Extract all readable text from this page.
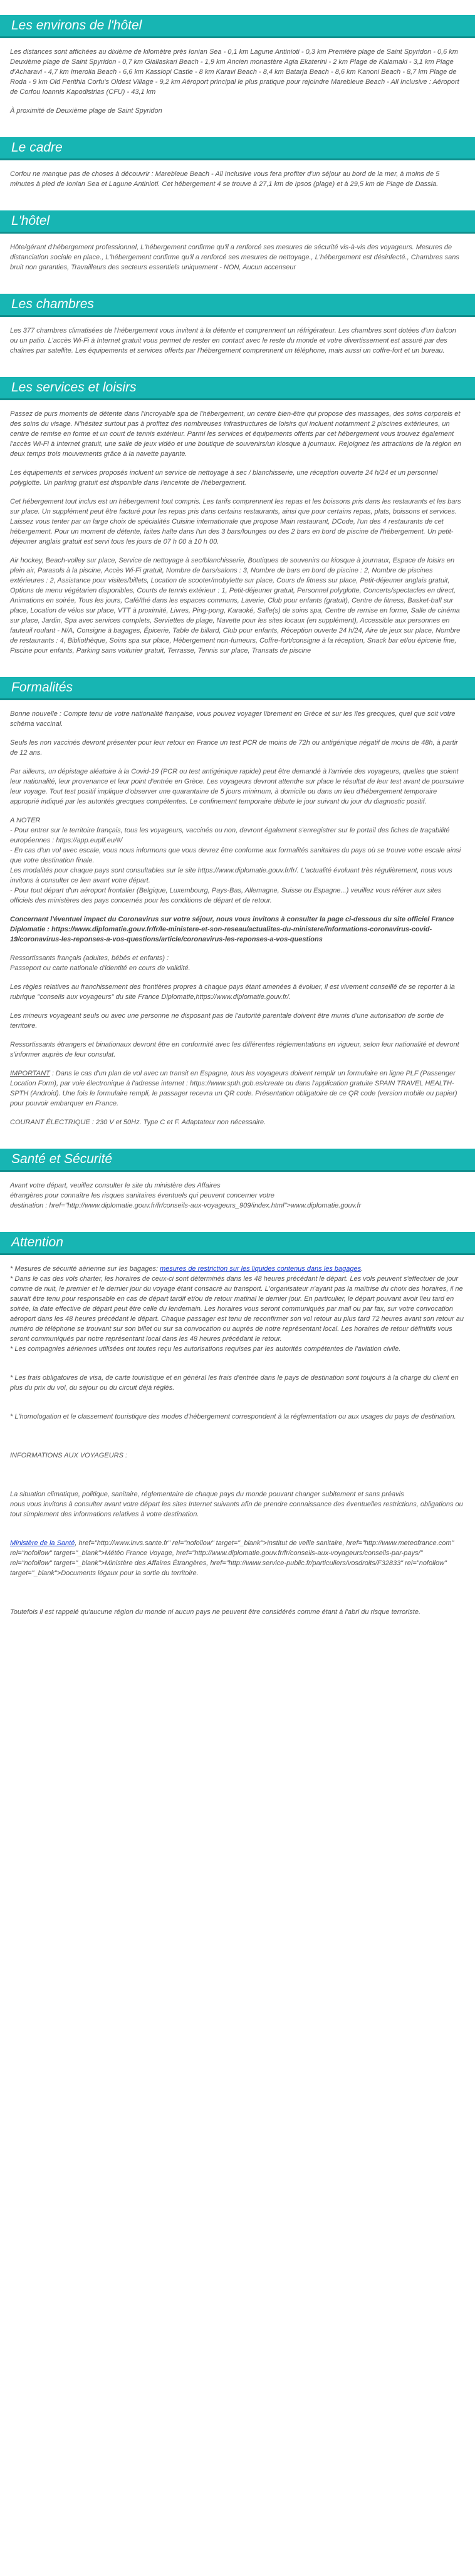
Les environs de l'hôtel

Les distances sont affichées au dixième de kilomètre près Ionian Sea - 0,1 km Lagune Antinioti - 0,3 km Première plage de Saint Spyridon - 0,6 km Deuxième plage de Saint Spyridon - 0,7 km Giallaskari Beach - 1,9 km Ancien monastère Agia Ekaterini - 2 km Plage de Kalamaki - 3,1 km Plage d'Acharavi - 4,7 km Imerolia Beach - 6,6 km Kassiopi Castle - 8 km Karavi Beach - 8,4 km Batarja Beach - 8,6 km Kanoni Beach - 8,7 km Plage de Roda - 9 km Old Perithia Corfu's Oldest Village - 9,2 km Aéroport principal le plus pratique pour rejoindre Marebleue Beach - All Inclusive : Aéroport de Corfou Ioannis Kapodistrias (CFU) - 43,1 km

À proximité de Deuxième plage de Saint Spyridon

Le cadre

Corfou ne manque pas de choses à découvrir : Marebleue Beach - All Inclusive vous fera profiter d'un séjour au bord de la mer, à moins de 5 minutes à pied de Ionian Sea et Lagune Antinioti. Cet hébergement 4 se trouve à 27,1 km de Ipsos (plage) et à 29,5 km de Plage de Dassia.

L'hôtel

Hôte/gérant d'hébergement professionnel, L'hébergement confirme qu'il a renforcé ses mesures de sécurité vis-à-vis des voyageurs. Mesures de distanciation sociale en place., L'hébergement confirme qu'il a renforcé ses mesures de nettoyage., L'hébergement est désinfecté., Chambres sans bruit non garanties, Travailleurs des secteurs essentiels uniquement - NON, Aucun accenseur

Les chambres

Les 377 chambres climatisées de l'hébergement vous invitent à la détente et comprennent un réfrigérateur. Les chambres sont dotées d'un balcon ou un patio. L'accès Wi-Fi à Internet gratuit vous permet de rester en contact avec le reste du monde et votre divertissement est assuré par des chaînes par satellite. Les équipements et services offerts par l'hébergement comprennent un téléphone, mais aussi un coffre-fort et un bureau.

Les services et loisirs

Passez de purs moments de détente dans l'incroyable spa de l'hébergement, un centre bien-être qui propose des massages, des soins corporels et des soins du visage. N'hésitez surtout pas à profitez des nombreuses infrastructures de loisirs qui incluent notamment 2 piscines extérieures, un centre de remise en forme et un court de tennis extérieur. Parmi les services et équipements offerts par cet hébergement vous trouvez également l'accès Wi-Fi à Internet gratuit, une salle de jeux vidéo et une boutique de souvenirs/un kiosque à journaux. Rejoignez les attractions de la région en deux temps trois mouvements grâce à la navette payante.

Les équipements et services proposés incluent un service de nettoyage à sec / blanchisserie, une réception ouverte 24 h/24 et un personnel polyglotte. Un parking gratuit est disponible dans l'enceinte de l'hébergement.

Cet hébergement tout inclus est un hébergement tout compris. Les tarifs comprennent les repas et les boissons pris dans les restaurants et les bars sur place. Un supplément peut être facturé pour les repas pris dans certains restaurants, ainsi que pour certains repas, plats, boissons et services. Laissez vous tenter par un large choix de spécialités Cuisine internationale que propose Main restaurant, DCode, l'un des 4 restaurants de cet hébergement. Pour un moment de détente, faites halte dans l'un des 3 bars/lounges ou des 2 bars en bord de piscine de l'hébergement. Un petit-déjeuner anglais gratuit est servi tous les jours de 07 h 00 à 10 h 00.

Air hockey, Beach-volley sur place, Service de nettoyage à sec/blanchisserie, Boutiques de souvenirs ou kiosque à journaux, Espace de loisirs en plein air, Parasols à la piscine, Accès Wi-Fi gratuit, Nombre de bars/salons : 3, Nombre de bars en bord de piscine : 2, Nombre de piscines extérieures : 2, Assistance pour visites/billets, Location de scooter/mobylette sur place, Cours de fitness sur place, Petit-déjeuner anglais gratuit, Options de menu végétarien disponibles, Courts de tennis extérieur : 1, Petit-déjeuner gratuit, Personnel polyglotte, Concerts/spectacles en direct, Animations en soirée, Tous les jours, Café/thé dans les espaces communs, Laverie, Club pour enfants (gratuit), Centre de fitness, Basket-ball sur place, Location de vélos sur place, VTT à proximité, Livres, Ping-pong, Karaoké, Salle(s) de soins spa, Centre de remise en forme, Salle de cinéma sur place, Jardin, Spa avec services complets, Serviettes de plage, Navette pour les sites locaux (en supplément), Accessible aux personnes en fauteuil roulant - N/A, Consigne à bagages, Épicerie, Table de billard, Club pour enfants, Réception ouverte 24 h/24, Aire de jeux sur place, Nombre de restaurants : 4, Bibliothèque, Soins spa sur place, Hébergement non-fumeurs, Coffre-fort/consigne à la réception, Snack bar et/ou épicerie fine, Piscine pour enfants, Parking sans voiturier gratuit, Terrasse, Tennis sur place, Transats de piscine

Formalités

Bonne nouvelle : Compte tenu de votre nationalité française, vous pouvez voyager librement en Grèce et sur les îles grecques, quel que soit votre schéma vaccinal.

Seuls les non vaccinés devront présenter pour leur retour en France un test PCR de moins de 72h ou antigénique négatif de moins de 48h, à partir de 12 ans.

Par ailleurs, un dépistage aléatoire à la Covid-19 (PCR ou test antigénique rapide) peut être demandé à l'arrivée des voyageurs, quelles que soient leur nationalité, leur provenance et leur point d'entrée en Grèce. Les voyageurs devront attendre sur place le résultat de leur test avant de poursuivre leur voyage. Tout test positif implique d'observer une quarantaine de 5 jours minimum, à domicile ou dans un lieu d'hébergement temporaire approprié indiqué par les autorités grecques compétentes. Le confinement temporaire débute le jour suivant du jour du diagnostic positif.

A NOTER
- Pour entrer sur le territoire français, tous les voyageurs, vaccinés ou non, devront également s'enregistrer sur le portail des fiches de traçabilité européennes : https://app.euplf.eu/#/
- En cas d'un vol avec escale, vous nous informons que vous devrez être conforme aux formalités sanitaires du pays où se trouve votre escale ainsi que votre destination finale.
Les modalités pour chaque pays sont consultables sur le site https://www.diplomatie.gouv.fr/fr/. L'actualité évoluant très régulièrement, nous vous invitons à consulter ce lien avant votre départ.
- Pour tout départ d'un aéroport frontalier (Belgique, Luxembourg, Pays-Bas, Allemagne, Suisse ou Espagne...) veuillez vous référer aux sites officiels des ministères des pays concernés pour les conditions de départ et de retour.

Concernant l'éventuel impact du Coronavirus sur votre séjour, nous vous invitons à consulter la page ci-dessous du site officiel France Diplomatie : https://www.diplomatie.gouv.fr/fr/le-ministere-et-son-reseau/actualites-du-ministere/informations-coronavirus-covid-19/coronavirus-les-reponses-a-vos-questions/article/coronavirus-les-reponses-a-vos-questions

Ressortissants français (adultes, bébés et enfants) :
Passeport ou carte nationale d'identité en cours de validité.

Les règles relatives au franchissement des frontières propres à chaque pays étant amenées à évoluer, il est vivement conseillé de se reporter à la rubrique "conseils aux voyageurs" du site France Diplomatie,https://www.diplomatie.gouv.fr/.

Les mineurs voyageant seuls ou avec une personne ne disposant pas de l'autorité parentale doivent être munis d'une autorisation de sortie de territoire.

Ressortissants étrangers et binationaux devront être en conformité avec les différentes réglementations en vigueur, selon leur nationalité et devront s'informer auprès de leur consulat.

IMPORTANT : Dans le cas d'un plan de vol avec un transit en Espagne, tous les voyageurs doivent remplir un formulaire en ligne PLF (Passenger Location Form), par voie électronique à l'adresse internet : https://www.spth.gob.es/create ou dans l'application gratuite SPAIN TRAVEL HEALTH-SPTH (Android). Une fois le formulaire rempli, le passager recevra un QR code. Présentation obligatoire de ce QR code (version mobile ou papier) pour pouvoir embarquer en France.

COURANT ÉLECTRIQUE : 230 V et 50Hz. Type C et F. Adaptateur non nécessaire.

Santé et Sécurité

Avant votre départ, veuillez consulter le site du ministère des Affaires
étrangères pour connaître les risques sanitaires éventuels qui peuvent concerner votre
destination : href="http://www.diplomatie.gouv.fr/fr/conseils-aux-voyageurs_909/index.html">www.diplomatie.gouv.fr

Attention

* Mesures de sécurité aérienne sur les bagages: mesures de restriction sur les liquides contenus dans les bagages.

* Dans le cas des vols charter, les horaires de ceux-ci sont déterminés dans les 48 heures précédant le départ. Les vols peuvent s'effectuer de jour comme de nuit, le premier et le dernier jour du voyage étant consacré au transport. L'organisateur n'ayant pas la maîtrise du choix des horaires, il ne saurait être tenu pour responsable en cas de départ tardif et/ou de retour matinal le dernier jour. En particulier, le départ pouvant avoir lieu tard en soirée, la date effective de départ peut être celle du lendemain. Les horaires vous seront communiqués par mail ou par fax, sur votre convocation aéroport dans les 48 heures précédant le départ. Chaque passager est tenu de reconfirmer son vol retour au plus tard 72 heures avant son retour au numéro de téléphone se trouvant sur son billet ou sur sa convocation ou auprès de notre représentant local. Les horaires de retour définitifs vous seront communiqués par notre représentant local dans les 48 heures précédant le retour.

* Les compagnies aériennes utilisées ont toutes reçu les autorisations requises par les autorités compétentes de l'aviation civile.

* Les frais obligatoires de visa, de carte touristique et en général les frais d'entrée dans le pays de destination sont toujours à la charge du client en plus du prix du vol, du séjour ou du circuit déjà réglés.

* L'homologation et le classement touristique des modes d'hébergement correspondent à la réglementation ou aux usages du pays de destination.

INFORMATIONS AUX VOYAGEURS :

La situation climatique, politique, sanitaire, réglementaire de chaque pays du monde pouvant changer subitement et sans préavis
nous vous invitons à consulter avant votre départ les sites Internet suivants afin de prendre connaissance des éventuelles restrictions, obligations ou tout simplement des informations relatives à votre destination.

Ministère de la Santé, href="http://www.invs.sante.fr" rel="nofollow" target="_blank">Institut de veille sanitaire, href="http://www.meteofrance.com" rel="nofollow" target="_blank">Météo France Voyage, href="http://www.diplomatie.gouv.fr/fr/conseils-aux-voyageurs/conseils-par-pays/" rel="nofollow" target="_blank">Ministère des Affaires Étrangères, href="http://www.service-public.fr/particuliers/vosdroits/F32833" rel="nofollow" target="_blank">Documents légaux pour la sortie du territoire.

Toutefois il est rappelé qu'aucune région du monde ni aucun pays ne peuvent être considérés comme étant à l'abri du risque terroriste.
